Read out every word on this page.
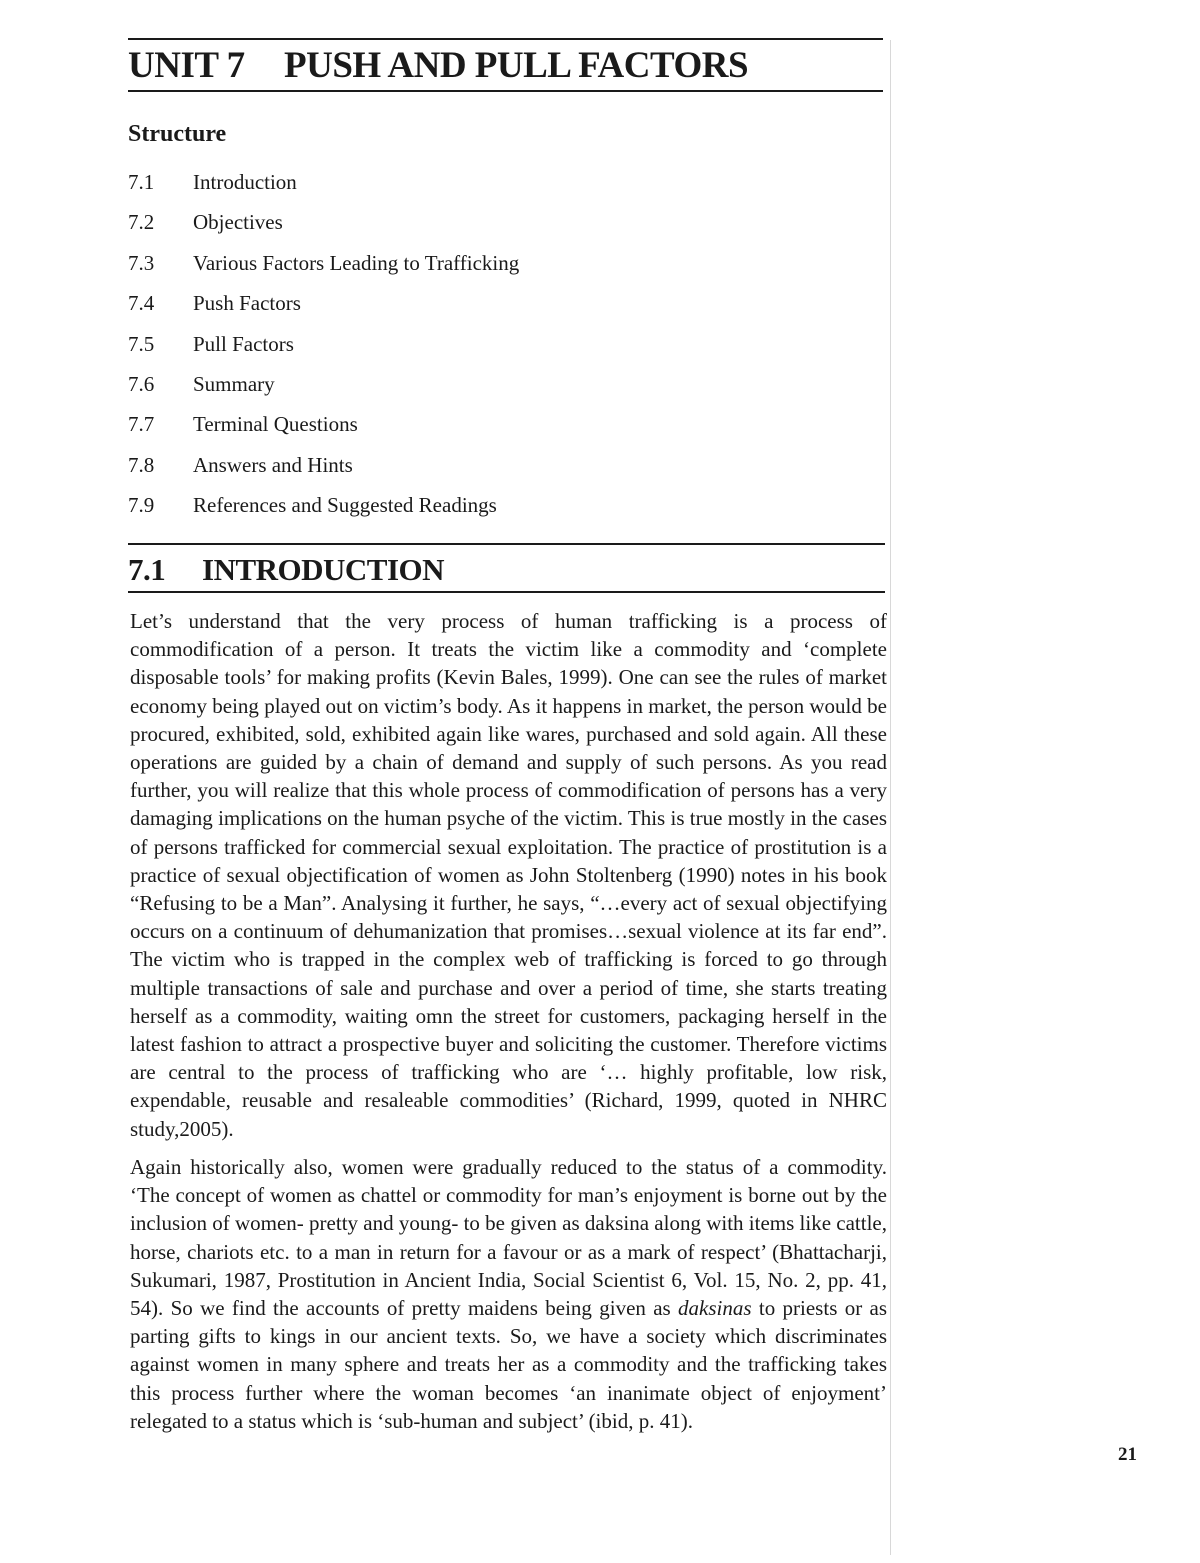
UNIT 7 PUSH AND PULL FACTORS
Structure
7.1 Introduction
7.2 Objectives
7.3 Various Factors Leading to Trafficking
7.4 Push Factors
7.5 Pull Factors
7.6 Summary
7.7 Terminal Questions
7.8 Answers and Hints
7.9 References and Suggested Readings
7.1 INTRODUCTION

Let’s understand that the very process of human trafficking is a process of commodification of a person. It treats the victim like a commodity and ‘complete disposable tools’ for making profits (Kevin Bales, 1999). One can see the rules of market economy being played out on victim’s body. As it happens in market, the person would be procured, exhibited, sold, exhibited again like wares, purchased and sold again. All these operations are guided by a chain of demand and supply of such persons. As you read further, you will realize that this whole process of commodification of persons has a very damaging implications on the human psyche of the victim. This is true mostly in the cases of persons trafficked for commercial sexual exploitation. The practice of prostitution is a practice of sexual objectification of women as John Stoltenberg (1990) notes in his book “Refusing to be a Man”. Analysing it further, he says, “…every act of sexual objectifying occurs on a continuum of dehumanization that promises…sexual violence at its far end”. The victim who is trapped in the complex web of trafficking is forced to go through multiple transactions of sale and purchase and over a period of time, she starts treating herself as a commodity, waiting omn the street for customers, packaging herself in the latest fashion to attract a prospective buyer and soliciting the customer. Therefore victims are central to the process of trafficking who are ‘… highly profitable, low risk, expendable, reusable and resaleable commodities’ (Richard, 1999, quoted in NHRC study,2005).

Again historically also, women were gradually reduced to the status of a commodity. ‘The concept of women as chattel or commodity for man’s enjoyment is borne out by the inclusion of women- pretty and young- to be given as daksina along with items like cattle, horse, chariots etc. to a man in return for a favour or as a mark of respect’ (Bhattacharji, Sukumari, 1987, Prostitution in Ancient India, Social Scientist 6, Vol. 15, No. 2, pp. 41, 54). So we find the accounts of pretty maidens being given as daksinas to priests or as parting gifts to kings in our ancient texts. So, we have a society which discriminates against women in many sphere and treats her as a commodity and the trafficking takes this process further where the woman becomes ‘an inanimate object of enjoyment’ relegated to a status which is ‘sub-human and subject’ (ibid, p. 41).

21
